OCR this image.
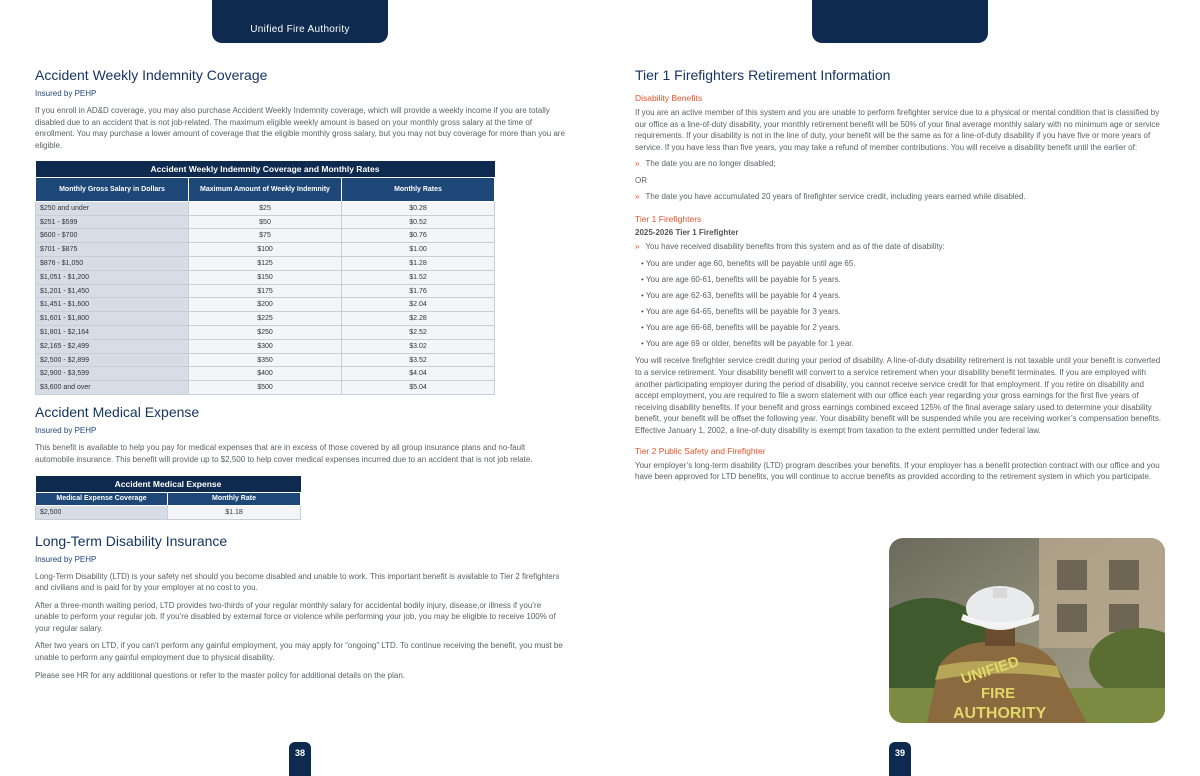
Unified Fire Authority
Accident Weekly Indemnity Coverage
Insured by PEHP

If you enroll in AD&D coverage, you may also purchase Accident Weekly Indemnity coverage, which will provide a weekly income if you are totally disabled due to an accident that is not job-related. The maximum eligible weekly amount is based on your monthly gross salary at the time of enrollment. You may purchase a lower amount of coverage that the eligible monthly gross salary, but you may not buy coverage for more than you are eligible.

Accident Weekly Indemnity Coverage and Monthly Rates		
Monthly Gross Salary in Dollars	Maximum Amount of Weekly Indemnity	Monthly Rates
$250 and under	$25	$0.28
$251 - $599	$50	$0.52
$600 - $700	$75	$0.76
$701 - $875	$100	$1.00
$876 - $1,050	$125	$1.28
$1,051 - $1,200	$150	$1.52
$1,201 - $1,450	$175	$1.76
$1,451 - $1,600	$200	$2.04
$1,601 - $1,800	$225	$2.28
$1,801 - $2,164	$250	$2.52
$2,165 - $2,499	$300	$3.02
$2,500 - $2,899	$350	$3.52
$2,900 - $3,599	$400	$4.04
$3,600 and over	$500	$5.04
Accident Medical Expense
Insured by PEHP

This benefit is available to help you pay for medical expenses that are in excess of those covered by all group insurance plans and no-fault automobile insurance. This benefit will provide up to $2,500 to help cover medical expenses incurred due to an accident that is not job relate.

Accident Medical Expense	
Medical Expense Coverage	Monthly Rate
$2,500	$1.18
Long-Term Disability Insurance
Insured by PEHP

Long-Term Disability (LTD) is your safety net should you become disabled and unable to work. This important benefit is available to Tier 2 firefighters and civilians and is paid for by your employer at no cost to you.

After a three-month waiting period, LTD provides two-thirds of your regular monthly salary for accidental bodily injury, disease,or illness if you’re unable to perform your regular job. If you’re disabled by external force or violence while performing your job, you may be eligible to receive 100% of your regular salary.

After two years on LTD, if you can’t perform any gainful employment, you may apply for “ongoing” LTD. To continue receiving the benefit, you must be unable to perform any gainful employment due to physical disability.

Please see HR for any additional questions or refer to the master policy for additional details on the plan.

Tier 1 Firefighters Retirement Information
Disability Benefits

If you are an active member of this system and you are unable to perform firefighter service due to a physical or mental condition that is classified by our office as a line-of-duty disability, your monthly retirement benefit will be 50% of your final average monthly salary with no minimum age or service requirements. If your disability is not in the line of duty, your benefit will be the same as for a line-of-duty disability if you have five or more years of service. If you have less than five years, you may take a refund of member contributions. You will receive a disability benefit until the earlier of:

» The date you are no longer disabled;
OR
» The date you have accumulated 20 years of firefighter service credit, including years earned while disabled.
Tier 1 Firefighters
2025-2026 Tier 1 Firefighter
» You have received disability benefits from this system and as of the date of disability:
• You are under age 60, benefits will be payable until age 65.
• You are age 60-61, benefits will be payable for 5 years.
• You are age 62-63, benefits will be payable for 4 years.
• You are age 64-65, benefits will be payable for 3 years.
• You are age 66-68, benefits will be payable for 2 years.
• You are age 69 or older, benefits will be payable for 1 year.

You will receive firefighter service credit during your period of disability. A line-of-duty disability retirement is not taxable until your benefit is converted to a service retirement. Your disability benefit will convert to a service retirement when your disability benefit terminates. If you are employed with another participating employer during the period of disability, you cannot receive service credit for that employment. If you retire on disability and accept employment, you are required to file a sworn statement with our office each year regarding your gross earnings for the first five years of receiving disability benefits. If your benefit and gross earnings combined exceed 125% of the final average salary used to determine your disability benefit, your benefit will be offset the following year. Your disability benefit will be suspended while you are receiving worker’s compensation benefits. Effective January 1, 2002, a line-of-duty disability is exempt from taxation to the extent permitted under federal law.

Tier 2 Public Safety and Firefighter

Your employer’s long-term disability (LTD) program describes your benefits. If your employer has a benefit protection contract with our office and you have been approved for LTD benefits, you will continue to accrue benefits as provided according to the retirement system in which you participate.

UNIFIED
FIRE
AUTHORITY
38	39
